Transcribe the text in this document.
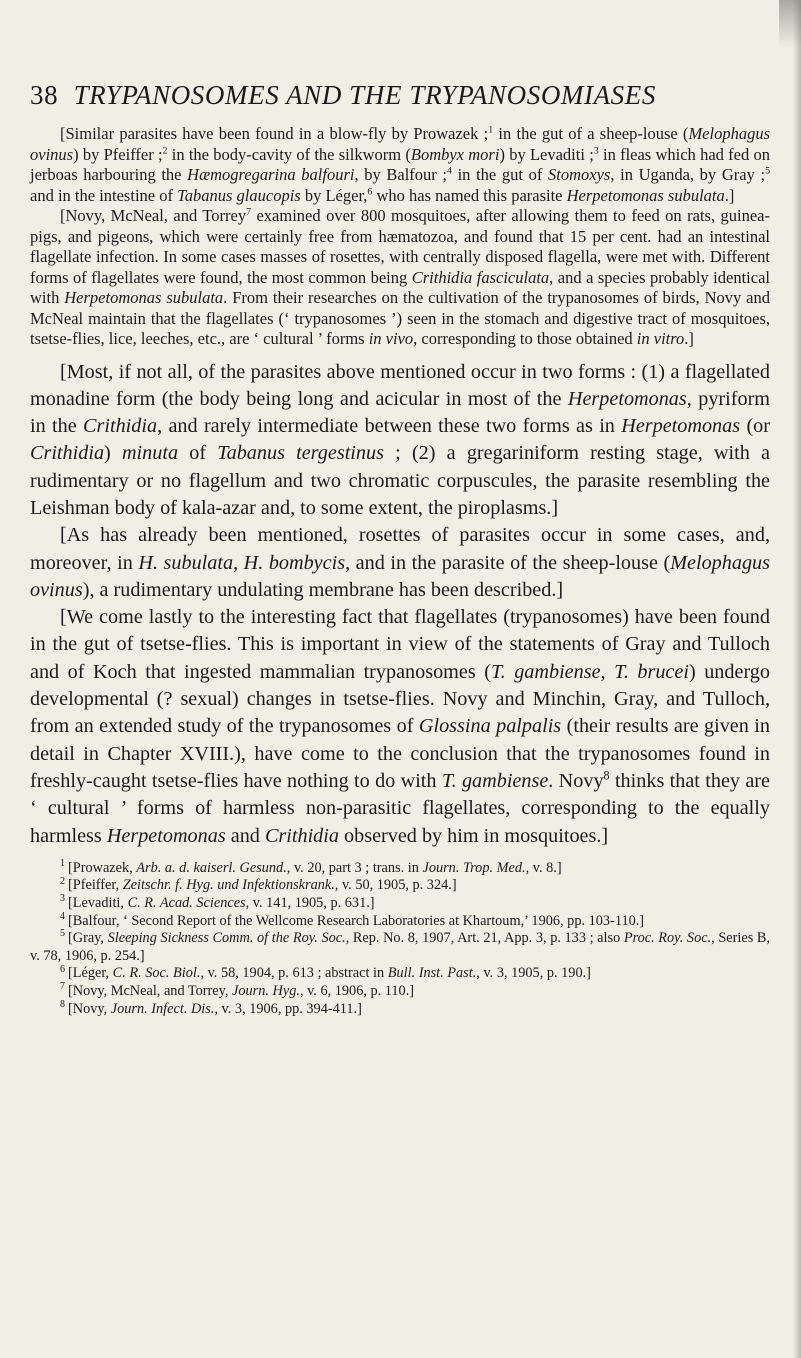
38 TRYPANOSOMES AND THE TRYPANOSOMIASES

[Similar parasites have been found in a blow-fly by Prowazek ;$^1$ in the gut of a sheep-louse (Melophagus ovinus) by Pfeiffer ;$^2$ in the body-cavity of the silkworm (Bombyx mori) by Levaditi ;$^3$ in fleas which had fed on jerboas harbouring the Hæmogregarina balfouri, by Balfour ;$^4$ in the gut of Stomoxys, in Uganda, by Gray ;$^5$ and in the intestine of Tabanus glaucopis by Léger,$^6$ who has named this parasite Herpetomonas subulata.]

[Novy, McNeal, and Torrey$^7$ examined over 800 mosquitoes, after allowing them to feed on rats, guinea-pigs, and pigeons, which were certainly free from hæmatozoa, and found that 15 per cent. had an intestinal flagellate infection. In some cases masses of rosettes, with centrally disposed flagella, were met with. Different forms of flagellates were found, the most common being Crithidia fasciculata, and a species probably identical with Herpetomonas subulata. From their researches on the cultivation of the trypanosomes of birds, Novy and McNeal maintain that the flagellates (‘ trypanosomes ’) seen in the stomach and digestive tract of mosquitoes, tsetse-flies, lice, leeches, etc., are ‘ cultural ’ forms in vivo, corresponding to those obtained in vitro.]

[Most, if not all, of the parasites above mentioned occur in two forms : (1) a flagellated monadine form (the body being long and acicular in most of the Herpetomonas, pyriform in the Crithidia, and rarely intermediate between these two forms as in Herpetomonas (or Crithidia) minuta of Tabanus tergestinus ; (2) a gregariniform resting stage, with a rudimentary or no flagellum and two chromatic corpuscules, the parasite resembling the Leishman body of kala-azar and, to some extent, the piroplasms.]

[As has already been mentioned, rosettes of parasites occur in some cases, and, moreover, in H. subulata, H. bombycis, and in the parasite of the sheep-louse (Melophagus ovinus), a rudimentary undulating membrane has been described.]

[We come lastly to the interesting fact that flagellates (trypanosomes) have been found in the gut of tsetse-flies. This is important in view of the statements of Gray and Tulloch and of Koch that ingested mammalian trypanosomes (T. gambiense, T. brucei) undergo developmental (? sexual) changes in tsetse-flies. Novy and Minchin, Gray, and Tulloch, from an extended study of the trypanosomes of Glossina palpalis (their results are given in detail in Chapter XVIII.), have come to the conclusion that the trypanosomes found in freshly-caught tsetse-flies have nothing to do with T. gambiense. Novy$^8$ thinks that they are ‘ cultural ’ forms of harmless non-parasitic flagellates, corresponding to the equally harmless Herpetomonas and Crithidia observed by him in mosquitoes.]

$^1$ [Prowazek, Arb. a. d. kaiserl. Gesund., v. 20, part 3 ; trans. in Journ. Trop. Med., v. 8.]

$^2$ [Pfeiffer, Zeitschr. f. Hyg. und Infektionskrank., v. 50, 1905, p. 324.]

$^3$ [Levaditi, C. R. Acad. Sciences, v. 141, 1905, p. 631.]

$^4$ [Balfour, ‘ Second Report of the Wellcome Research Laboratories at Khartoum,’ 1906, pp. 103-110.]

$^5$ [Gray, Sleeping Sickness Comm. of the Roy. Soc., Rep. No. 8, 1907, Art. 21, App. 3, p. 133 ; also Proc. Roy. Soc., Series B, v. 78, 1906, p. 254.]

$^6$ [Léger, C. R. Soc. Biol., v. 58, 1904, p. 613 ; abstract in Bull. Inst. Past., v. 3, 1905, p. 190.]

$^7$ [Novy, McNeal, and Torrey, Journ. Hyg., v. 6, 1906, p. 110.]

$^8$ [Novy, Journ. Infect. Dis., v. 3, 1906, pp. 394-411.]
